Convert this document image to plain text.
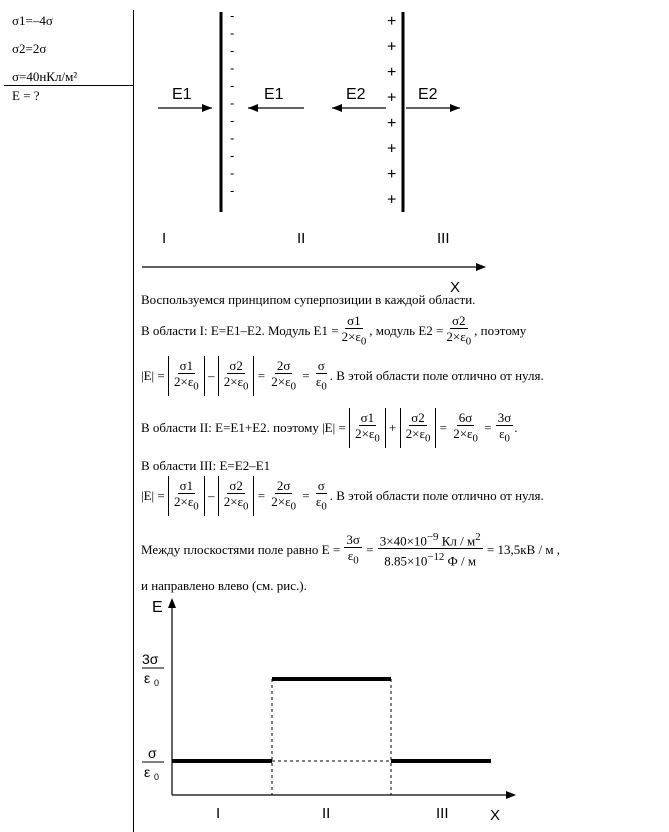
σ1=–4σ
σ2=2σ
σ=40нКл/м²
E = ?
-
-
-
-
-
-
-
-
-
-
-
+
+
+
+
+
+
+
+
E1	E1	E2	E2
I	II	III
X
Воспользуемся принципом суперпозиции в каждой области.
В области I: E=E1–E2. Модуль
$E1 = \frac{\sigma 1}{2\times\varepsilon_0}$ , модуль
$E2 = \frac{\sigma 2}{2\times\varepsilon_0}$ , поэтому
$|E| = \frac{\sigma 1}{2\times\varepsilon_0} - \frac{\sigma 2}{2\times\varepsilon_0} = \frac{2\sigma}{2\times\varepsilon_0} = \frac{\sigma}{\varepsilon_0}$ . В этой области поле отлично от нуля.
В области II: E=E1+E2. поэтому
$|E| = \frac{\sigma 1}{2\times\varepsilon_0} + \frac{\sigma 2}{2\times\varepsilon_0} = \frac{6\sigma}{2\times\varepsilon_0} = \frac{3\sigma}{\varepsilon_0}$ .
В области III: E=E2–E1
$|E| = \frac{\sigma 1}{2\times\varepsilon_0} - \frac{\sigma 2}{2\times\varepsilon_0} = \frac{2\sigma}{2\times\varepsilon_0} = \frac{\sigma}{\varepsilon_0}$ . В этой области поле отлично от нуля.
Между плоскостями поле равно E =
$\frac{3\sigma}{\varepsilon_0} = \frac{3\times 40\times 10^{-9} Кл / м^2}{8.85\times 10^{-12} Ф / м}$
= 13,5кВ / м ,
и направлено влево (см. рис.).
E
X
3σ
ε 0
σ
ε 0
I	II	III
